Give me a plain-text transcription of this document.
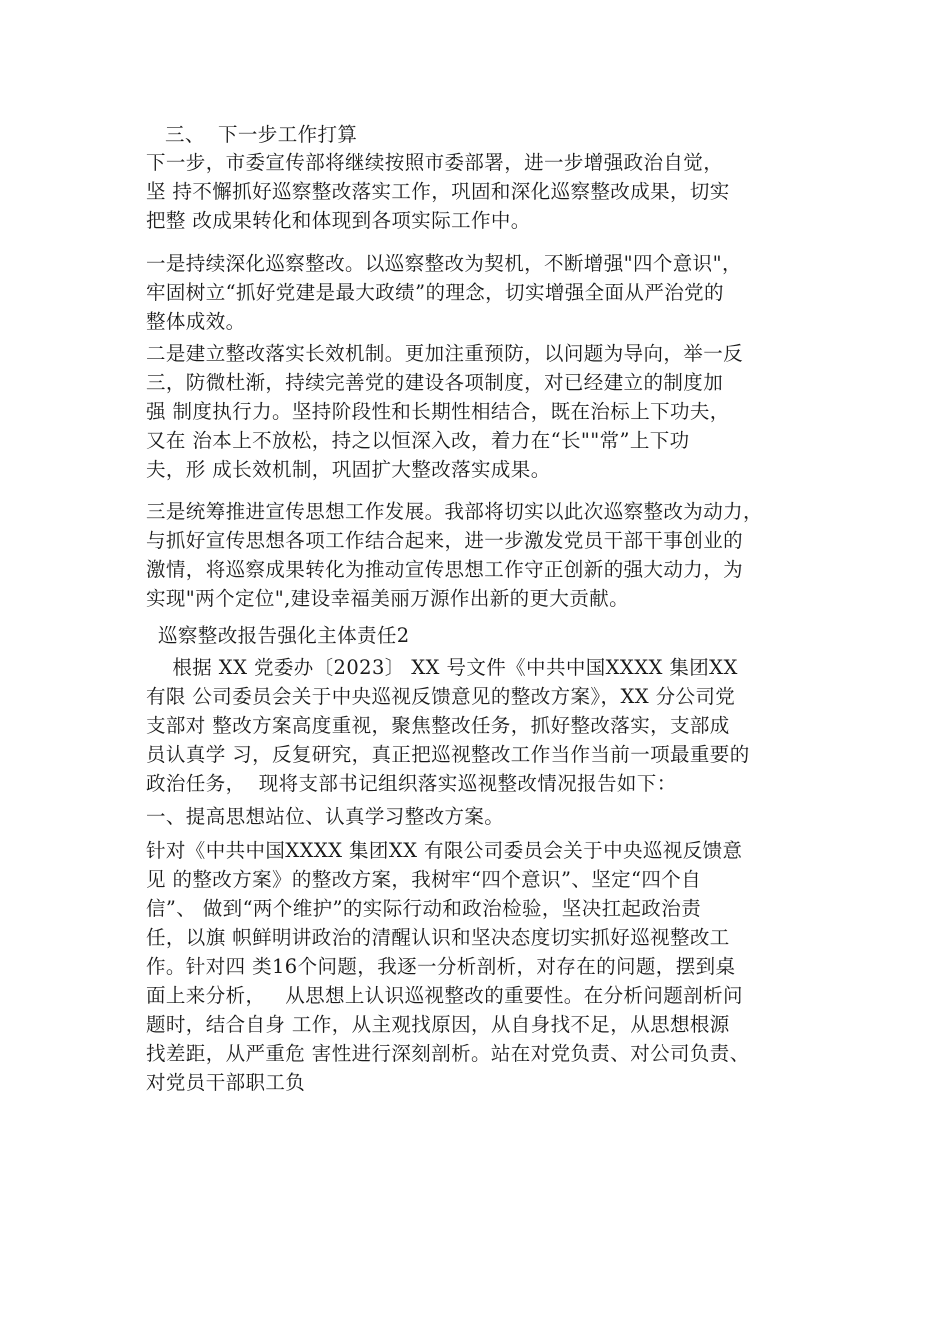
三、  下一步工作打算
下一步，市委宣传部将继续按照市委部署，进一步增强政治自觉，
坚 持不懈抓好巡察整改落实工作，巩固和深化巡察整改成果，切实
把整 改成果转化和体现到各项实际工作中。
一是持续深化巡察整改。以巡察整改为契机，不断增强"四个意识"，
牢固树立“抓好党建是最大政绩”的理念，切实增强全面从严治党的
整体成效。
二是建立整改落实长效机制。更加注重预防，以问题为导向，举一反
三，防微杜渐，持续完善党的建设各项制度，对已经建立的制度加
强 制度执行力。坚持阶段性和长期性相结合，既在治标上下功夫，
又在 治本上不放松，持之以恒深入改，着力在“长""常”上下功
夫，形 成长效机制，巩固扩大整改落实成果。
三是统筹推进宣传思想工作发展。我部将切实以此次巡察整改为动力，
与抓好宣传思想各项工作结合起来，进一步激发党员干部干事创业的
激情，将巡察成果转化为推动宣传思想工作守正创新的强大动力，为
实现"两个定位",建设幸福美丽万源作出新的更大贡献。
巡察整改报告强化主体责任2
根据 XX 党委办〔2023〕 XX 号文件《中共中国XXXX 集团XX
有限 公司委员会关于中央巡视反馈意见的整改方案》，XX 分公司党
支部对 整改方案高度重视，聚焦整改任务，抓好整改落实，支部成
员认真学 习，反复研究，真正把巡视整改工作当作当前一项最重要的
政治任务，  现将支部书记组织落实巡视整改情况报告如下：
一、提高思想站位、认真学习整改方案。
针对《中共中国XXXX 集团XX 有限公司委员会关于中央巡视反馈意
见 的整改方案》的整改方案，我树牢“四个意识”、坚定“四个自
信”、 做到“两个维护”的实际行动和政治检验，坚决扛起政治责
任，以旗 帜鲜明讲政治的清醒认识和坚决态度切实抓好巡视整改工
作。针对四 类16个问题，我逐一分析剖析，对存在的问题，摆到桌
面上来分析，   从思想上认识巡视整改的重要性。在分析问题剖析问
题时，结合自身 工作，从主观找原因，从自身找不足，从思想根源
找差距，从严重危 害性进行深刻剖析。站在对党负责、对公司负责、
对党员干部职工负
